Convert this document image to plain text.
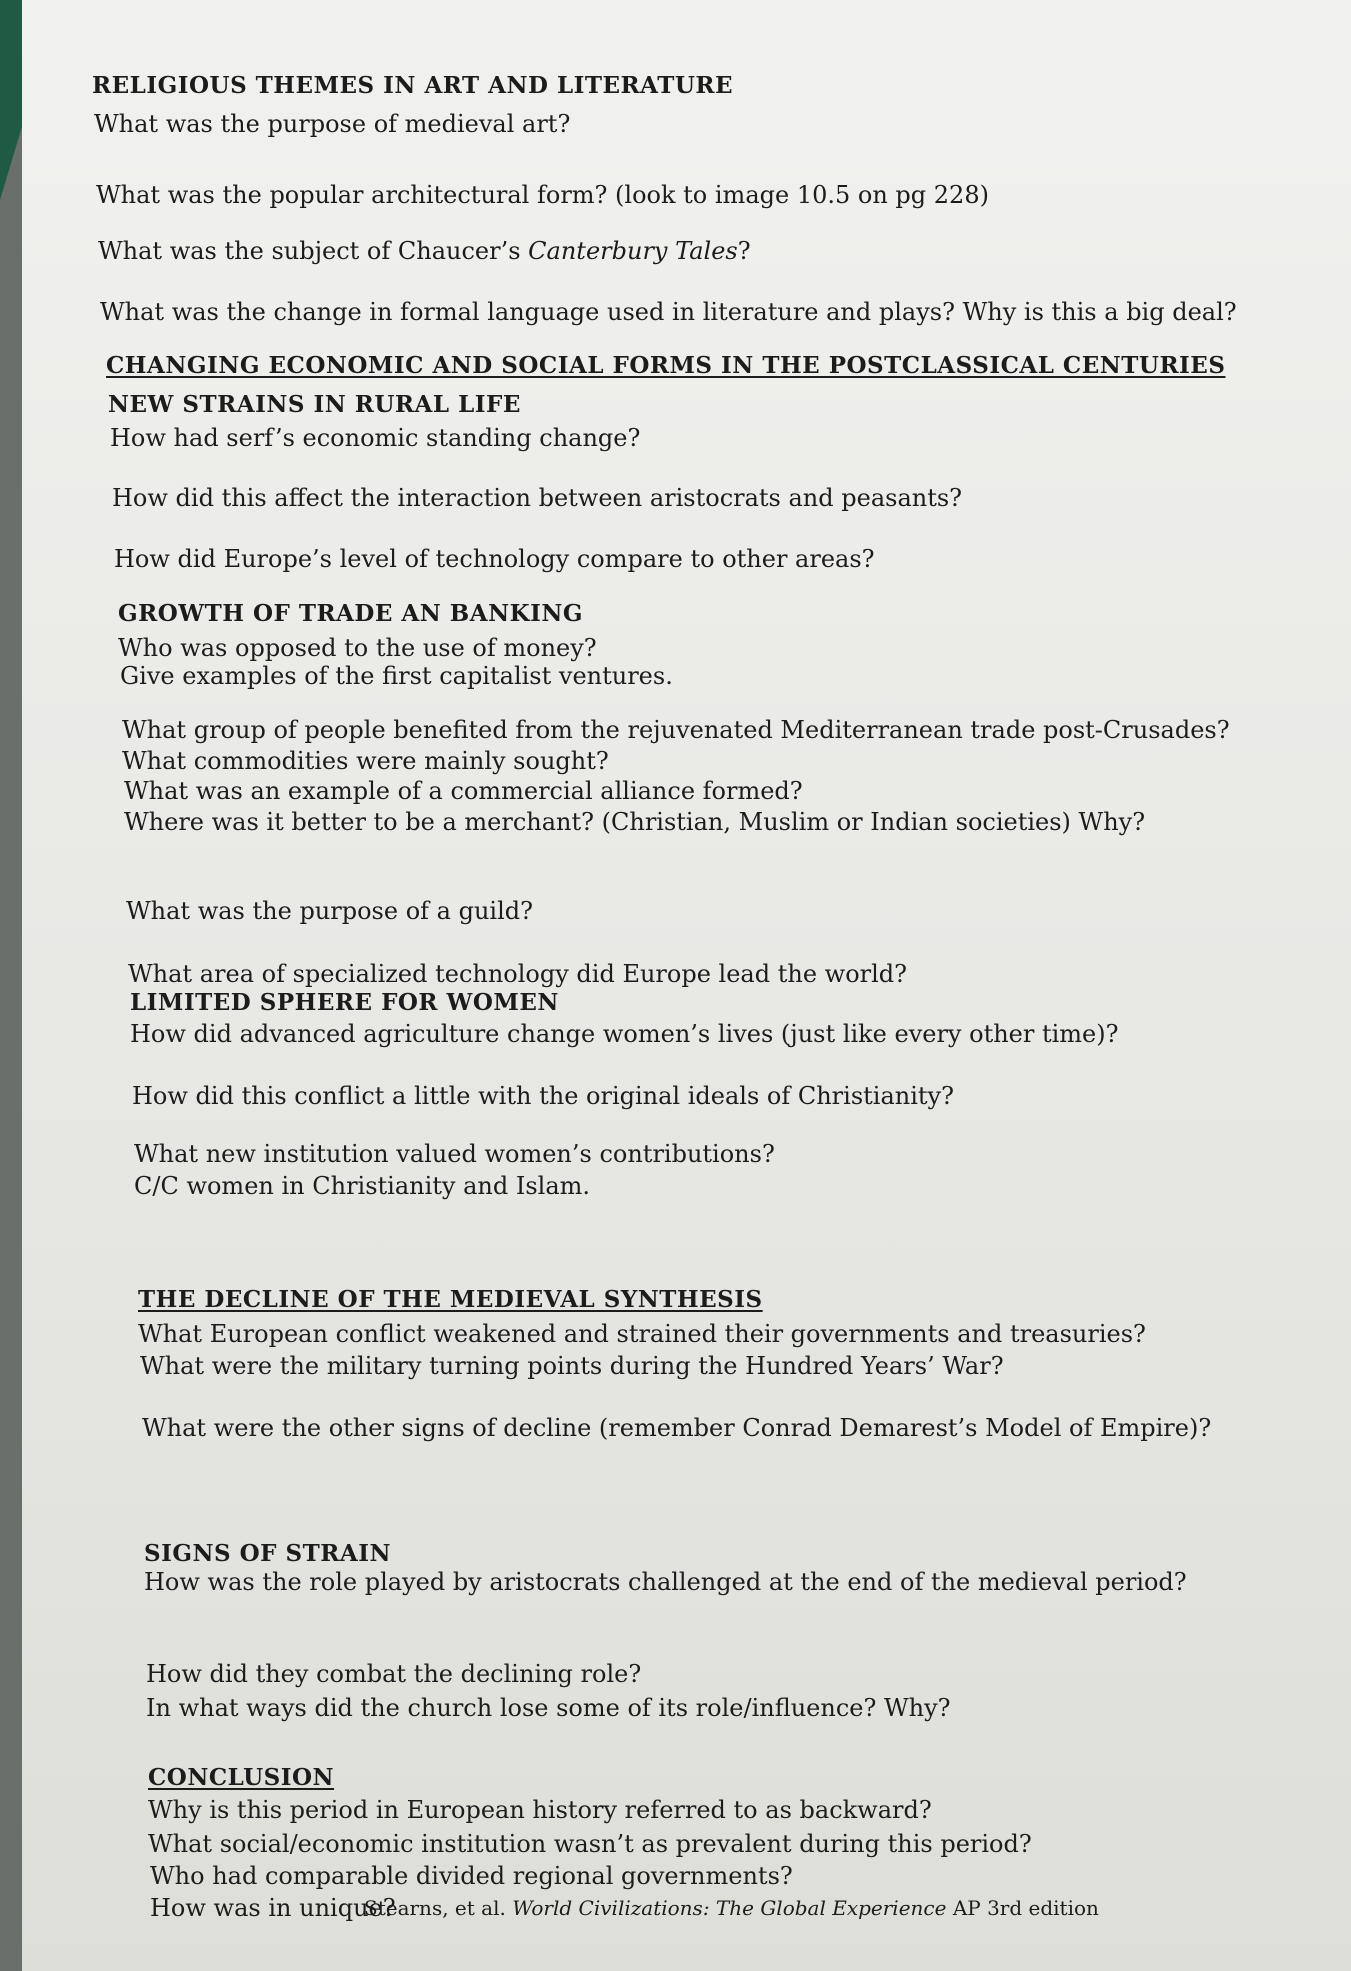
RELIGIOUS THEMES IN ART AND LITERATURE
What was the purpose of medieval art?
What was the popular architectural form? (look to image 10.5 on pg 228)
What was the subject of Chaucer’s Canterbury Tales?
What was the change in formal language used in literature and plays? Why is this a big deal?
CHANGING ECONOMIC AND SOCIAL FORMS IN THE POSTCLASSICAL CENTURIES
NEW STRAINS IN RURAL LIFE
How had serf’s economic standing change?
How did this affect the interaction between aristocrats and peasants?
How did Europe’s level of technology compare to other areas?
GROWTH OF TRADE AN BANKING
Who was opposed to the use of money?
Give examples of the first capitalist ventures.
What group of people benefited from the rejuvenated Mediterranean trade post-Crusades?
What commodities were mainly sought?
What was an example of a commercial alliance formed?
Where was it better to be a merchant? (Christian, Muslim or Indian societies) Why?
What was the purpose of a guild?
What area of specialized technology did Europe lead the world?
LIMITED SPHERE FOR WOMEN
How did advanced agriculture change women’s lives (just like every other time)?
How did this conflict a little with the original ideals of Christianity?
What new institution valued women’s contributions?
C/C women in Christianity and Islam.
THE DECLINE OF THE MEDIEVAL SYNTHESIS
What European conflict weakened and strained their governments and treasuries?
What were the military turning points during the Hundred Years’ War?
What were the other signs of decline (remember Conrad Demarest’s Model of Empire)?
SIGNS OF STRAIN
How was the role played by aristocrats challenged at the end of the medieval period?
How did they combat the declining role?
In what ways did the church lose some of its role/influence? Why?
CONCLUSION
Why is this period in European history referred to as backward?
What social/economic institution wasn’t as prevalent during this period?
Who had comparable divided regional governments?
How was in unique?
Stearns, et al. World Civilizations: The Global Experience AP 3rd edition
